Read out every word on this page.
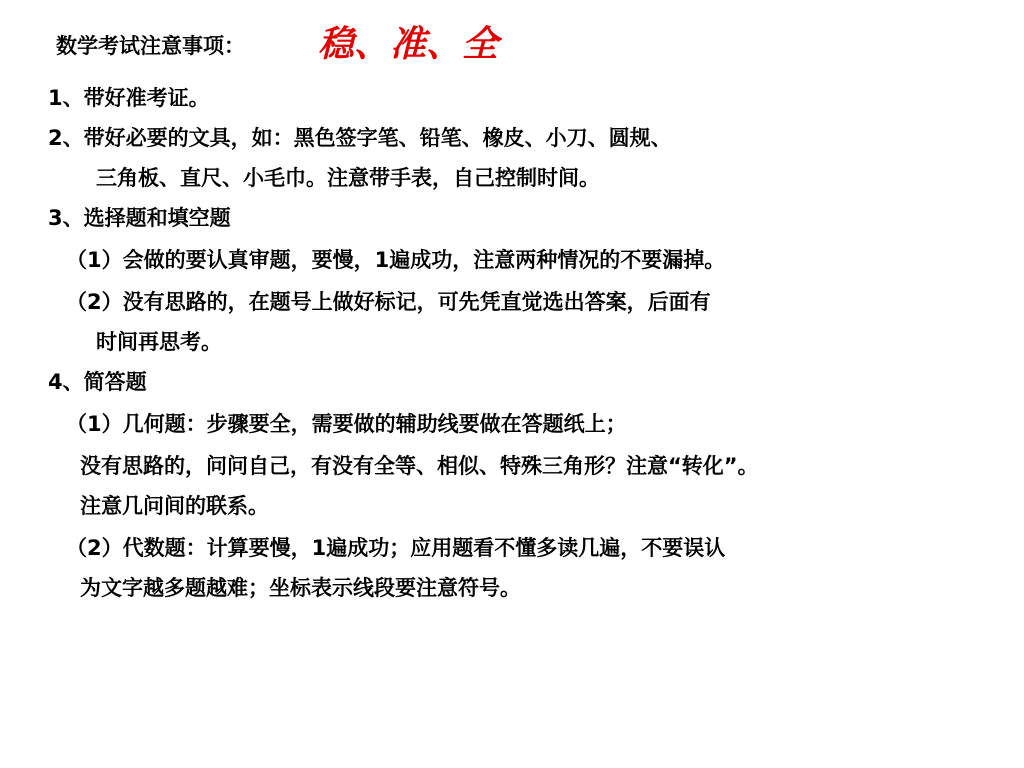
数学考试注意事项： 稳、准、全
1、带好准考证。
2、带好必要的文具，如：黑色签字笔、铅笔、橡皮、小刀、圆规、
三角板、直尺、小毛巾。注意带手表，自己控制时间。
3、选择题和填空题
（1）会做的要认真审题，要慢，1遍成功，注意两种情况的不要漏掉。
（2）没有思路的，在题号上做好标记，可先凭直觉选出答案，后面有
时间再思考。
4、简答题
（1）几何题：步骤要全，需要做的辅助线要做在答题纸上；
没有思路的，问问自己，有没有全等、相似、特殊三角形？注意“转化”。
注意几问间的联系。
（2）代数题：计算要慢，1遍成功；应用题看不懂多读几遍，不要误认
为文字越多题越难；坐标表示线段要注意符号。
